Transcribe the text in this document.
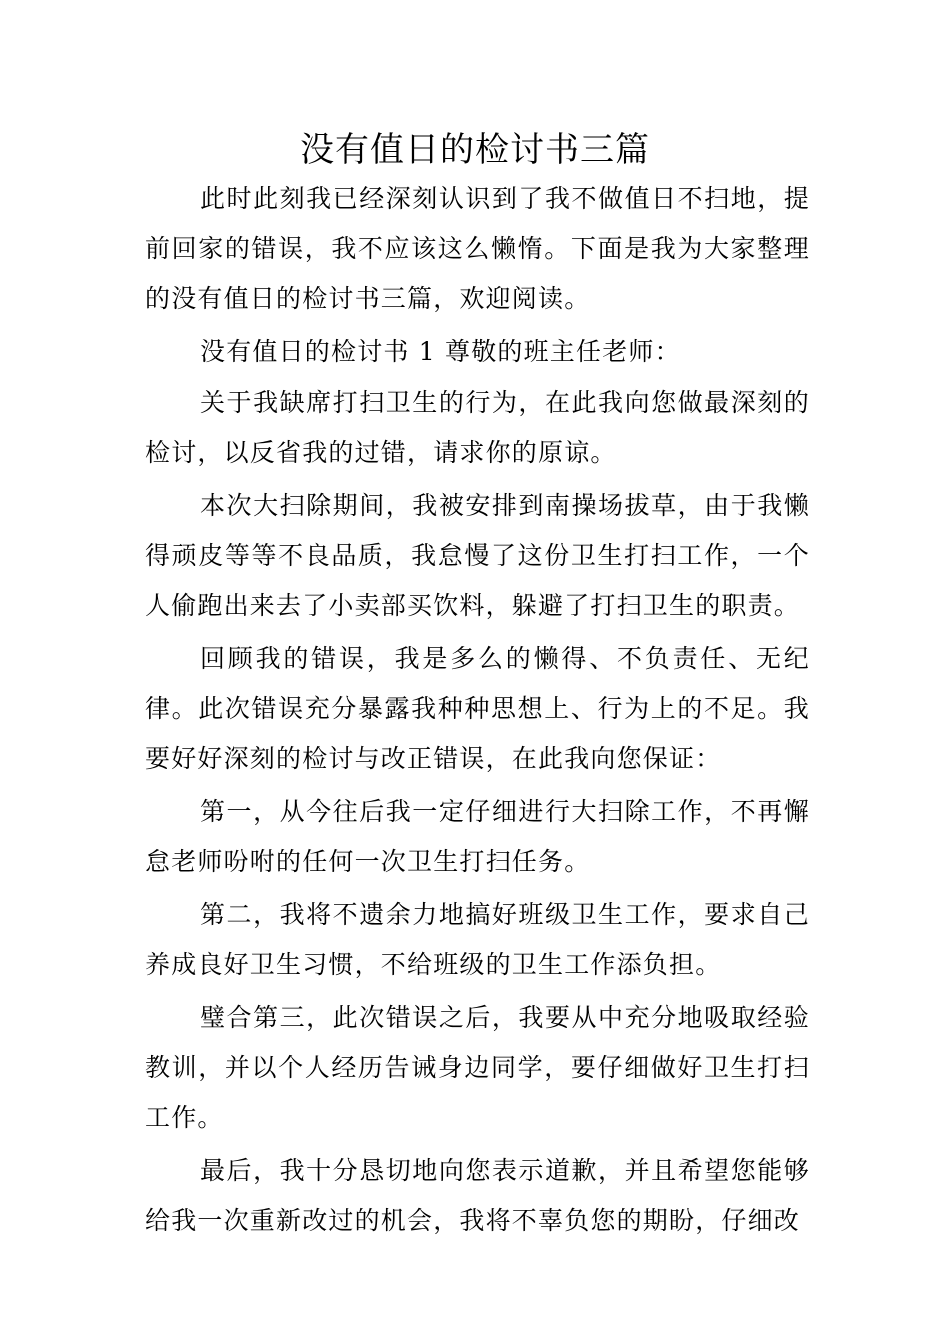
没有值日的检讨书三篇

此时此刻我已经深刻认识到了我不做值日不扫地，提前回家的错误，我不应该这么懒惰。下面是我为大家整理的没有值日的检讨书三篇，欢迎阅读。

没有值日的检讨书 1 尊敬的班主任老师：

关于我缺席打扫卫生的行为，在此我向您做最深刻的检讨，以反省我的过错，请求你的原谅。

本次大扫除期间，我被安排到南操场拔草，由于我懒得顽皮等等不良品质，我怠慢了这份卫生打扫工作，一个人偷跑出来去了小卖部买饮料，躲避了打扫卫生的职责。

回顾我的错误，我是多么的懒得、不负责任、无纪律。此次错误充分暴露我种种思想上、行为上的不足。我要好好深刻的检讨与改正错误，在此我向您保证：

第一，从今往后我一定仔细进行大扫除工作，不再懈怠老师吩咐的任何一次卫生打扫任务。

第二，我将不遗余力地搞好班级卫生工作，要求自己养成良好卫生习惯，不给班级的卫生工作添负担。

璧合第三，此次错误之后，我要从中充分地吸取经验教训，并以个人经历告诫身边同学，要仔细做好卫生打扫工作。

最后，我十分恳切地向您表示道歉，并且希望您能够给我一次重新改过的机会，我将不辜负您的期盼，仔细改
